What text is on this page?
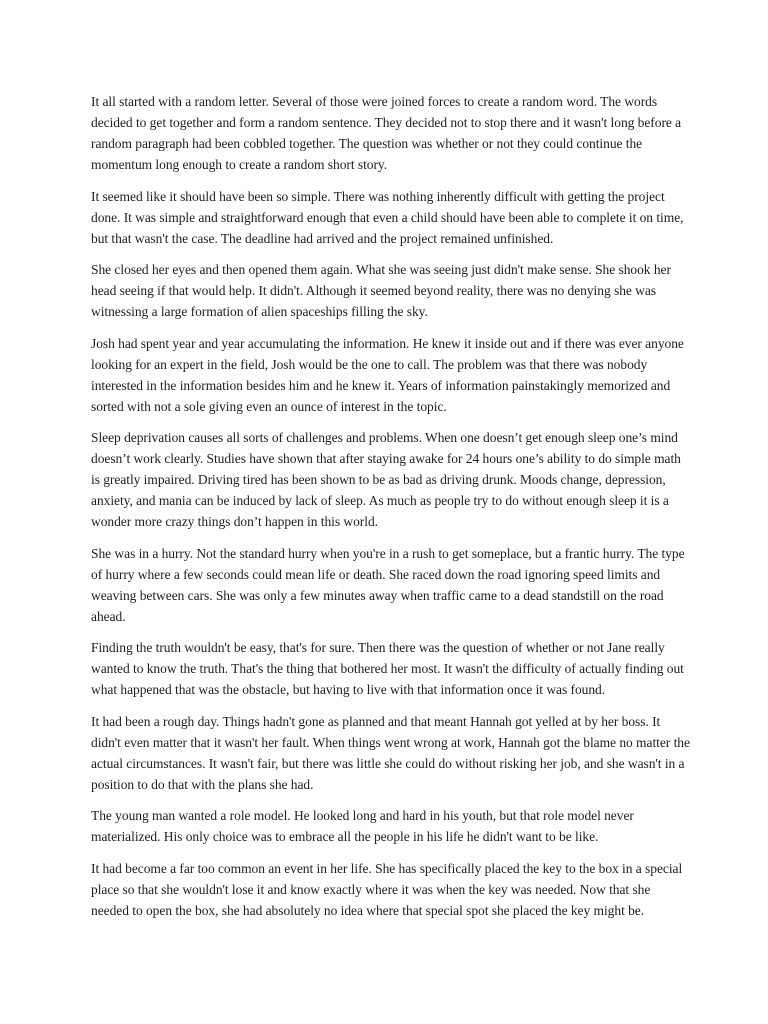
It all started with a random letter. Several of those were joined forces to create a random word. The words decided to get together and form a random sentence. They decided not to stop there and it wasn't long before a random paragraph had been cobbled together. The question was whether or not they could continue the momentum long enough to create a random short story.

It seemed like it should have been so simple. There was nothing inherently difficult with getting the project done. It was simple and straightforward enough that even a child should have been able to complete it on time, but that wasn't the case. The deadline had arrived and the project remained unfinished.

She closed her eyes and then opened them again. What she was seeing just didn't make sense. She shook her head seeing if that would help. It didn't. Although it seemed beyond reality, there was no denying she was witnessing a large formation of alien spaceships filling the sky.

Josh had spent year and year accumulating the information. He knew it inside out and if there was ever anyone looking for an expert in the field, Josh would be the one to call. The problem was that there was nobody interested in the information besides him and he knew it. Years of information painstakingly memorized and sorted with not a sole giving even an ounce of interest in the topic.

Sleep deprivation causes all sorts of challenges and problems. When one doesn’t get enough sleep one’s mind doesn’t work clearly. Studies have shown that after staying awake for 24 hours one’s ability to do simple math is greatly impaired. Driving tired has been shown to be as bad as driving drunk. Moods change, depression, anxiety, and mania can be induced by lack of sleep. As much as people try to do without enough sleep it is a wonder more crazy things don’t happen in this world.

She was in a hurry. Not the standard hurry when you're in a rush to get someplace, but a frantic hurry. The type of hurry where a few seconds could mean life or death. She raced down the road ignoring speed limits and weaving between cars. She was only a few minutes away when traffic came to a dead standstill on the road ahead.

Finding the truth wouldn't be easy, that's for sure. Then there was the question of whether or not Jane really wanted to know the truth. That's the thing that bothered her most. It wasn't the difficulty of actually finding out what happened that was the obstacle, but having to live with that information once it was found.

It had been a rough day. Things hadn't gone as planned and that meant Hannah got yelled at by her boss. It didn't even matter that it wasn't her fault. When things went wrong at work, Hannah got the blame no matter the actual circumstances. It wasn't fair, but there was little she could do without risking her job, and she wasn't in a position to do that with the plans she had.

The young man wanted a role model. He looked long and hard in his youth, but that role model never materialized. His only choice was to embrace all the people in his life he didn't want to be like.

It had become a far too common an event in her life. She has specifically placed the key to the box in a special place so that she wouldn't lose it and know exactly where it was when the key was needed. Now that she needed to open the box, she had absolutely no idea where that special spot she placed the key might be.
